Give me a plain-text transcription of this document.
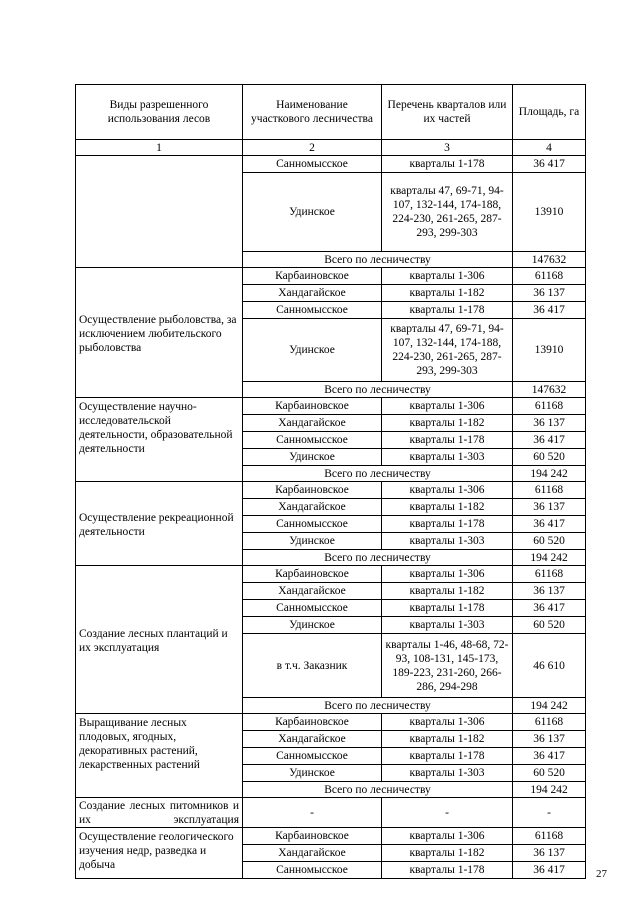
Виды разрешенного использования лесов	Наименование участкового лесничества	Перечень кварталов или их частей	Площадь, га
1	2	3	4
	Санномысское	кварталы 1-178	36 417
	Удинское	кварталы 47, 69-71, 94-107, 132-144, 174-188, 224-230, 261-265, 287-293, 299-303	13910
	Всего по лесничеству		147632
Осуществление рыболовства, за исключением любительского рыболовства	Карбаиновское	кварталы 1-306	61168
	Хандагайское	кварталы 1-182	36 137
	Санномысское	кварталы 1-178	36 417
	Удинское	кварталы 47, 69-71, 94-107, 132-144, 174-188, 224-230, 261-265, 287-293, 299-303	13910
	Всего по лесничеству		147632
Осуществление научно-исследовательской деятельности, образовательной деятельности	Карбаиновское	кварталы 1-306	61168
	Хандагайское	кварталы 1-182	36 137
	Санномысское	кварталы 1-178	36 417
	Удинское	кварталы 1-303	60 520
	Всего по лесничеству		194 242
Осуществление рекреационной деятельности	Карбаиновское	кварталы 1-306	61168
	Хандагайское	кварталы 1-182	36 137
	Санномысское	кварталы 1-178	36 417
	Удинское	кварталы 1-303	60 520
	Всего по лесничеству		194 242
Создание лесных плантаций и их эксплуатация	Карбаиновское	кварталы 1-306	61168
	Хандагайское	кварталы 1-182	36 137
	Санномысское	кварталы 1-178	36 417
	Удинское	кварталы 1-303	60 520
	в т.ч. Заказник	кварталы 1-46, 48-68, 72-93, 108-131, 145-173, 189-223, 231-260, 266-286, 294-298	46 610
	Всего по лесничеству		194 242
Выращивание лесных плодовых, ягодных, декоративных растений, лекарственных растений	Карбаиновское	кварталы 1-306	61168
	Хандагайское	кварталы 1-182	36 137
	Санномысское	кварталы 1-178	36 417
	Удинское	кварталы 1-303	60 520
	Всего по лесничеству		194 242
Создание лесных питомников и их эксплуатация	-	-	-
Осуществление геологического изучения недр, разведка и добыча	Карбаиновское	кварталы 1-306	61168
	Хандагайское	кварталы 1-182	36 137
	Санномысское	кварталы 1-178	36 417	27
